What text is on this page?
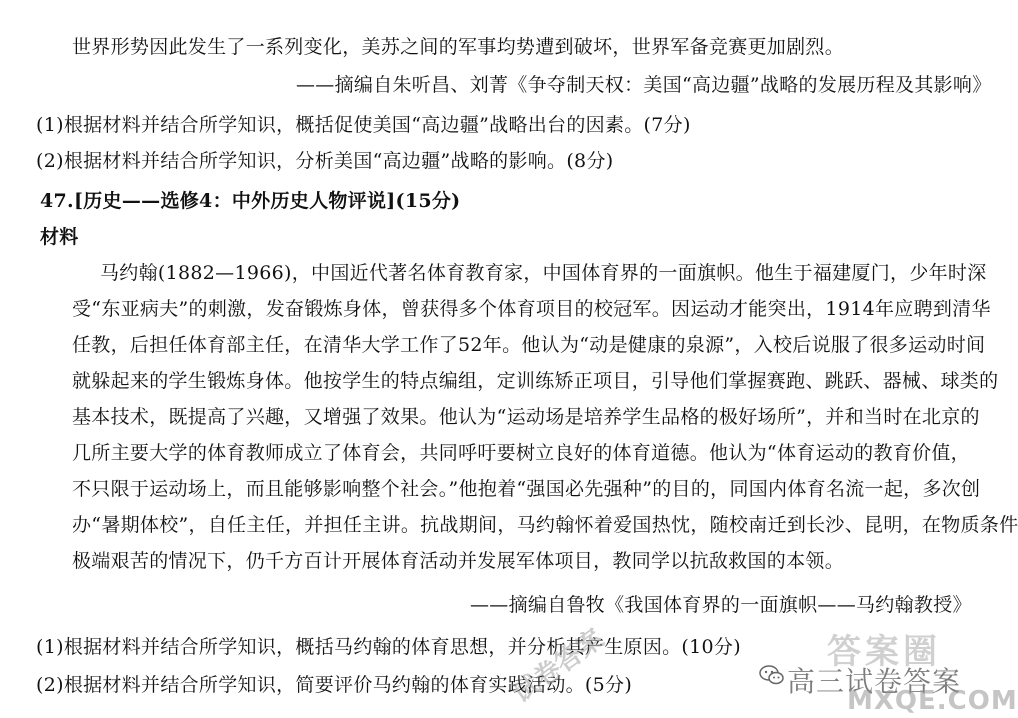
世界形势因此发生了一系列变化，美苏之间的军事均势遭到破坏，世界军备竞赛更加剧烈。
——摘编自朱听昌、刘菁《争夺制天权：美国“高边疆”战略的发展历程及其影响》
(1)根据材料并结合所学知识，概括促使美国“高边疆”战略出台的因素。(7分)
(2)根据材料并结合所学知识，分析美国“高边疆”战略的影响。(8分)
47.[历史——选修4：中外历史人物评说](15分)
材料
马约翰(1882—1966)，中国近代著名体育教育家，中国体育界的一面旗帜。他生于福建厦门，少年时深
受“东亚病夫”的刺激，发奋锻炼身体，曾获得多个体育项目的校冠军。因运动才能突出，1914年应聘到清华
任教，后担任体育部主任，在清华大学工作了52年。他认为“动是健康的泉源”，入校后说服了很多运动时间
就躲起来的学生锻炼身体。他按学生的特点编组，定训练矫正项目，引导他们掌握赛跑、跳跃、器械、球类的
基本技术，既提高了兴趣，又增强了效果。他认为“运动场是培养学生品格的极好场所”，并和当时在北京的
几所主要大学的体育教师成立了体育会，共同呼吁要树立良好的体育道德。他认为“体育运动的教育价值，
不只限于运动场上，而且能够影响整个社会。”他抱着“强国必先强种”的目的，同国内体育名流一起，多次创
办“暑期体校”，自任主任，并担任主讲。抗战期间，马约翰怀着爱国热忱，随校南迁到长沙、昆明，在物质条件
极端艰苦的情况下，仍千方百计开展体育活动并发展军体项目，教同学以抗敌救国的本领。
——摘编自鲁牧《我国体育界的一面旗帜——马约翰教授》
(1)根据材料并结合所学知识，概括马约翰的体育思想，并分析其产生原因。(10分)
(2)根据材料并结合所学知识，简要评价马约翰的体育实践活动。(5分)
试卷答案	答案圈
高三试卷答案
MXQE.COM
